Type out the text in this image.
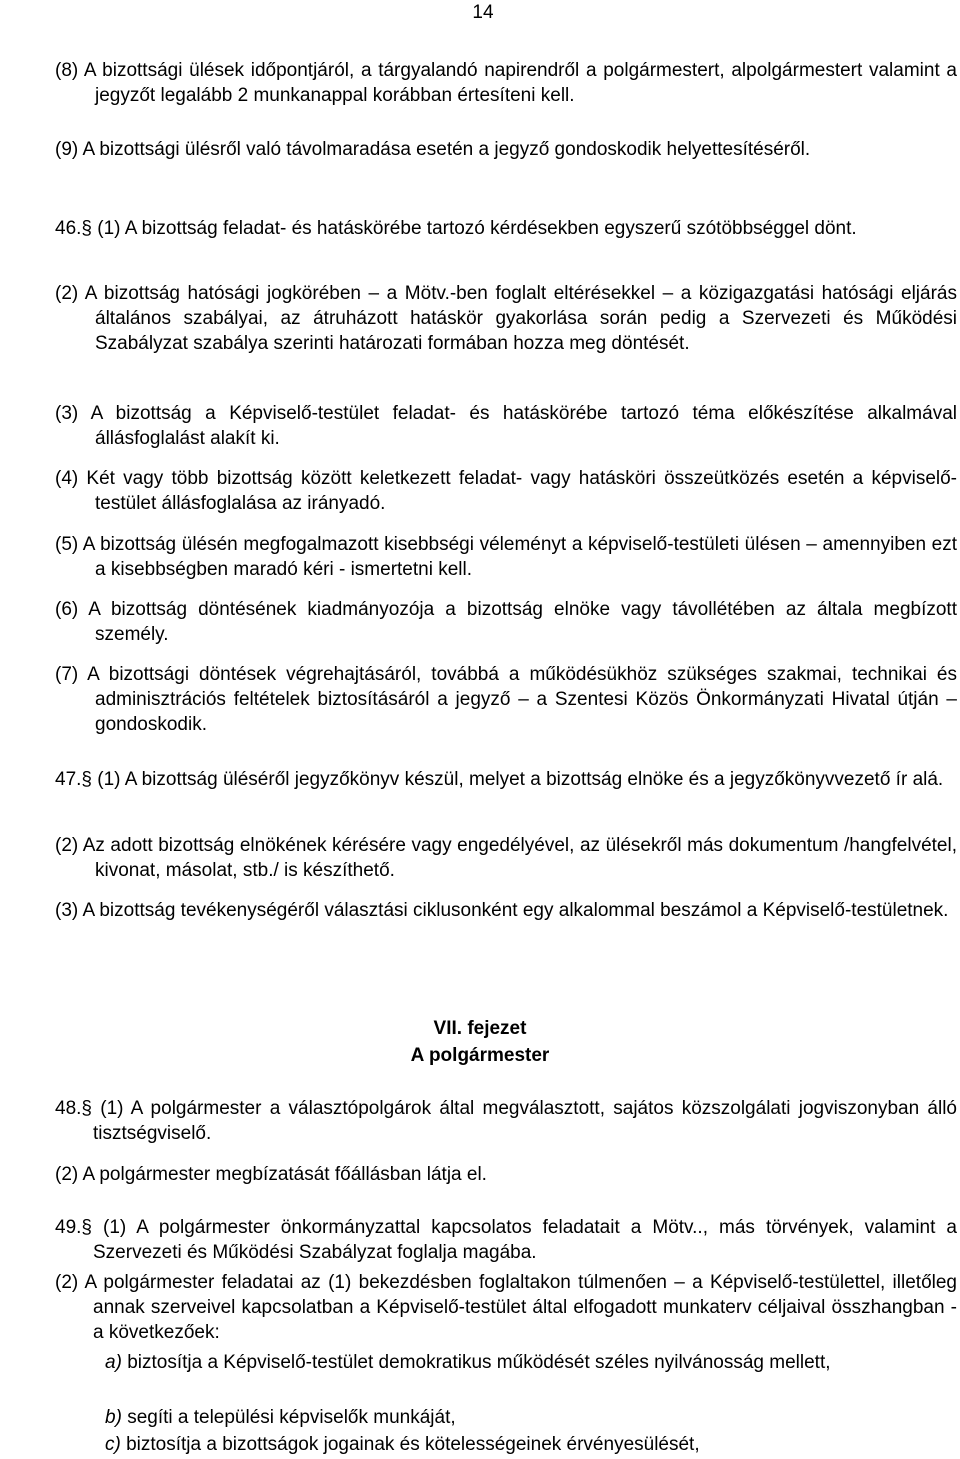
14
(8) A bizottsági ülések időpontjáról, a tárgyalandó napirendről a polgármestert, alpolgármestert valamint a jegyzőt legalább 2 munkanappal korábban értesíteni kell.
(9) A bizottsági ülésről való távolmaradása esetén a jegyző gondoskodik helyettesítéséről.
46.§ (1) A bizottság feladat- és hatáskörébe tartozó kérdésekben egyszerű szótöbbséggel dönt.
(2) A bizottság hatósági jogkörében – a Mötv.-ben foglalt eltérésekkel – a közigazgatási hatósági eljárás általános szabályai, az átruházott hatáskör gyakorlása során pedig a Szervezeti és Működési Szabályzat szabálya szerinti határozati formában hozza meg döntését.
(3) A bizottság a Képviselő-testület feladat- és hatáskörébe tartozó téma előkészítése alkalmával állásfoglalást alakít ki.
(4) Két vagy több bizottság között keletkezett feladat- vagy hatásköri összeütközés esetén a képviselő-testület állásfoglalása az irányadó.
(5) A bizottság ülésén megfogalmazott kisebbségi véleményt a képviselő-testületi ülésen – amennyiben ezt a kisebbségben maradó kéri - ismertetni kell.
(6) A bizottság döntésének kiadmányozója a bizottság elnöke vagy távollétében az általa megbízott személy.
(7) A bizottsági döntések végrehajtásáról, továbbá a működésükhöz szükséges szakmai, technikai és adminisztrációs feltételek biztosításáról a jegyző – a Szentesi Közös Önkormányzati Hivatal útján – gondoskodik.
47.§ (1) A bizottság üléséről jegyzőkönyv készül, melyet a bizottság elnöke és a jegyzőkönyvvezető ír alá.
(2) Az adott bizottság elnökének kérésére vagy engedélyével, az ülésekről más dokumentum /hangfelvétel, kivonat, másolat, stb./ is készíthető.
(3) A bizottság tevékenységéről választási ciklusonként egy alkalommal beszámol a Képviselő-testületnek.
VII. fejezet
A polgármester
48.§ (1) A polgármester a választópolgárok által megválasztott, sajátos közszolgálati jogviszonyban álló tisztségviselő.
(2) A polgármester megbízatását főállásban látja el.
49.§ (1) A polgármester önkormányzattal kapcsolatos feladatait a Mötv.., más törvények, valamint a Szervezeti és Működési Szabályzat foglalja magába.
(2) A polgármester feladatai az (1) bekezdésben foglaltakon túlmenően – a Képviselő-testülettel, illetőleg annak szerveivel kapcsolatban a Képviselő-testület által elfogadott munkaterv céljaival összhangban - a következőek:
a) biztosítja a Képviselő-testület demokratikus működését széles nyilvánosság mellett,
b) segíti a települési képviselők munkáját,
c) biztosítja a bizottságok jogainak és kötelességeinek érvényesülését,
